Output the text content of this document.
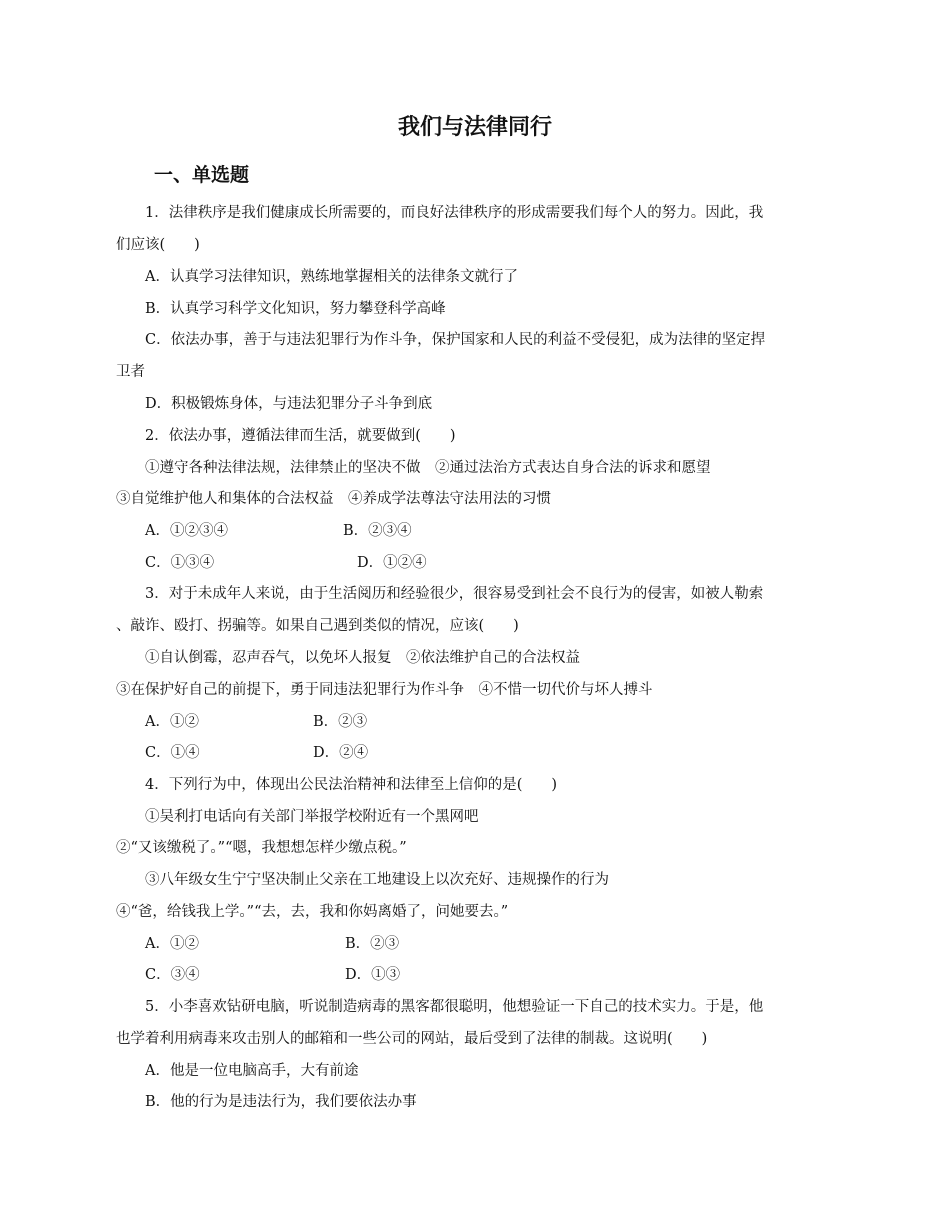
我们与法律同行
一、单选题
1．法律秩序是我们健康成长所需要的，而良好法律秩序的形成需要我们每个人的努力。因此，我
们应该(　　)
A．认真学习法律知识，熟练地掌握相关的法律条文就行了
B．认真学习科学文化知识，努力攀登科学高峰
C．依法办事，善于与违法犯罪行为作斗争，保护国家和人民的利益不受侵犯，成为法律的坚定捍
卫者
D．积极锻炼身体，与违法犯罪分子斗争到底
2．依法办事，遵循法律而生活，就要做到(　　)
①遵守各种法律法规，法律禁止的坚决不做　②通过法治方式表达自身合法的诉求和愿望
③自觉维护他人和集体的合法权益　④养成学法尊法守法用法的习惯
A．①②③④	B．②③④
C．①③④	D．①②④
3．对于未成年人来说，由于生活阅历和经验很少，很容易受到社会不良行为的侵害，如被人勒索
、敲诈、殴打、拐骗等。如果自己遇到类似的情况，应该(　　)
①自认倒霉，忍声吞气，以免坏人报复　②依法维护自己的合法权益
③在保护好自己的前提下，勇于同违法犯罪行为作斗争　④不惜一切代价与坏人搏斗
A．①②	B．②③
C．①④	D．②④
4．下列行为中，体现出公民法治精神和法律至上信仰的是(　　)
①吴利打电话向有关部门举报学校附近有一个黑网吧
②“又该缴税了。”“嗯，我想想怎样少缴点税。”
③八年级女生宁宁坚决制止父亲在工地建设上以次充好、违规操作的行为
④“爸，给钱我上学。”“去，去，我和你妈离婚了，问她要去。”
A．①②	B．②③
C．③④	D．①③
5．小李喜欢钻研电脑，听说制造病毒的黑客都很聪明，他想验证一下自己的技术实力。于是，他
也学着利用病毒来攻击别人的邮箱和一些公司的网站，最后受到了法律的制裁。这说明(　　)
A．他是一位电脑高手，大有前途
B．他的行为是违法行为，我们要依法办事
